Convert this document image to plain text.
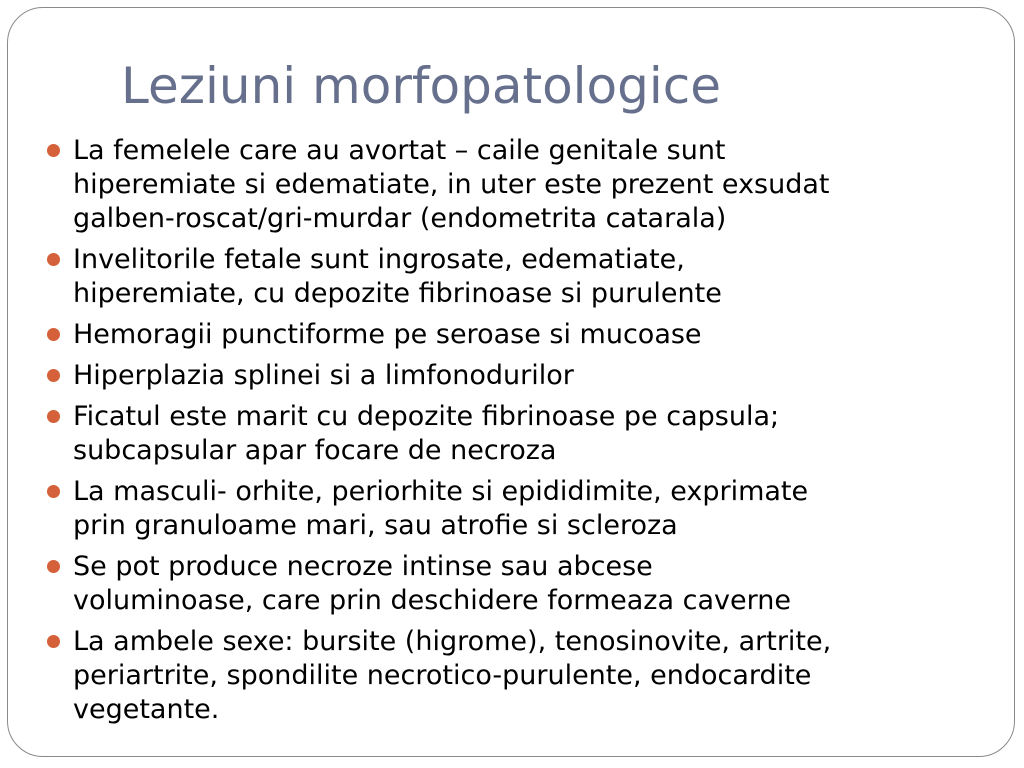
Leziuni morfopatologice
La femelele care au avortat – caile genitale sunt
hiperemiate si edematiate, in uter este prezent exsudat
galben-roscat/gri-murdar (endometrita catarala)
Invelitorile fetale sunt ingrosate, edematiate,
hiperemiate, cu depozite fibrinoase si purulente
Hemoragii punctiforme pe seroase si mucoase
Hiperplazia splinei si a limfonodurilor
Ficatul este marit cu depozite fibrinoase pe capsula;
subcapsular apar focare de necroza
La masculi- orhite, periorhite si epididimite, exprimate
prin granuloame mari, sau atrofie si scleroza
Se pot produce necroze intinse sau abcese
voluminoase, care prin deschidere formeaza caverne
La ambele sexe: bursite (higrome), tenosinovite, artrite,
periartrite, spondilite necrotico-purulente, endocardite
vegetante.
